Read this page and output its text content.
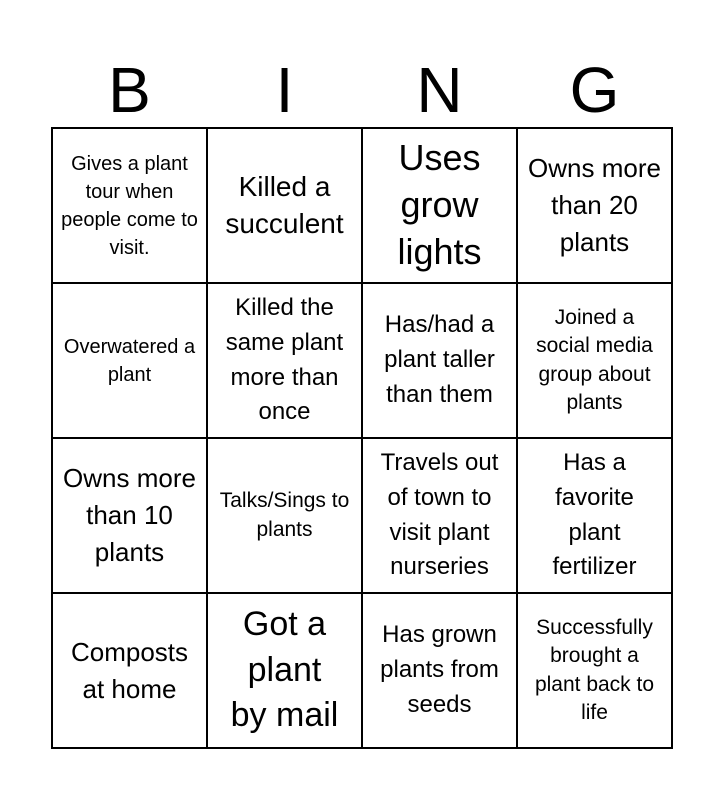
B	I	N	G
Gives a plant tour when people come to visit.
Killed a succulent
Uses grow lights
Owns more than 20 plants
Overwatered a plant
Killed the same plant more than once
Has/had a plant taller than them
Joined a social media group about plants
Owns more than 10 plants
Talks/Sings to plants
Travels out of town to visit plant nurseries
Has a favorite plant fertilizer
Composts at home
Got a plant by mail
Has grown plants from seeds
Successfully brought a plant back to life
